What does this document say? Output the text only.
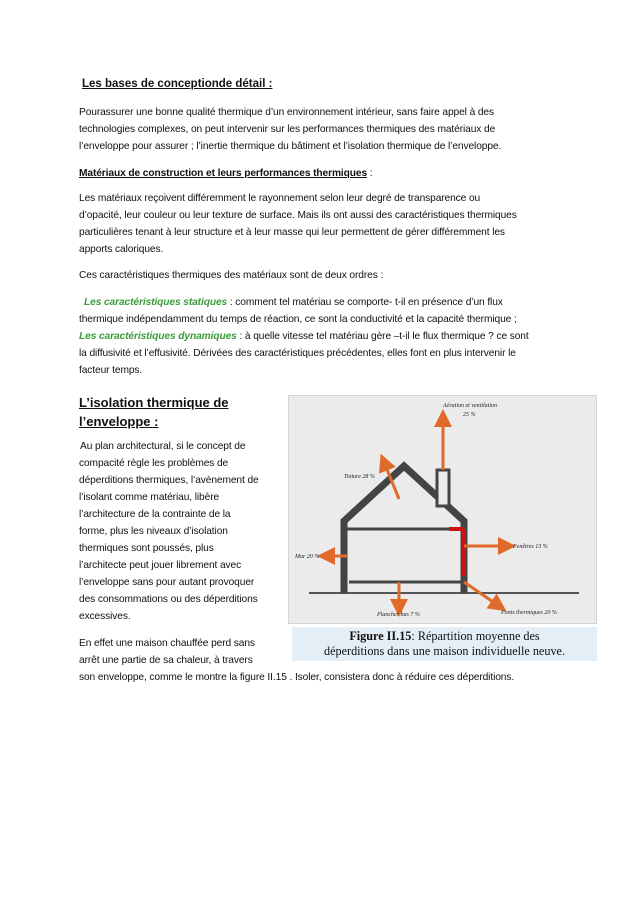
Les bases de conceptionde détail :
Pourassurer une bonne qualité thermique d’un environnement intérieur, sans faire appel à des
technologies complexes, on peut intervenir sur les performances thermiques des matériaux de
l’enveloppe pour assurer ; l’inertie thermique du bâtiment et l’isolation thermique de l’enveloppe.
Matériaux de construction et leurs performances thermiques :
Les matériaux reçoivent différemment le rayonnement selon leur degré de transparence ou
d’opacité, leur couleur ou leur texture de surface. Mais ils ont aussi des caractéristiques thermiques
particulières tenant à leur structure et à leur masse qui leur permettent de gérer différemment les
apports caloriques.
Ces caractéristiques thermiques des matériaux sont de deux ordres :
Les caractéristiques statiques : comment tel matériau se comporte- t-il en présence d’un flux
thermique indépendamment du temps de réaction, ce sont la conductivité et la capacité thermique ;
Les caractéristiques dynamiques : à quelle vitesse tel matériau gère –t-il le flux thermique ? ce sont
la diffusivité et l’effusivité. Dérivées des caractéristiques précédentes, elles font en plus intervenir le
facteur temps.
L’isolation thermique de
l’enveloppe :
Au plan architectural, si le concept de
compacité règle les problèmes de
déperditions thermiques, l’avènement de
l’isolant comme matériau, libère
l’architecture de la contrainte de la
forme, plus les niveaux d’isolation
thermiques sont poussés, plus
l’architecte peut jouer librement avec
l’enveloppe sans pour autant provoquer
des consommations ou des déperditions
excessives.
En effet une maison chauffée perd sans
arrêt une partie de sa chaleur, à travers
son enveloppe, comme le montre la figure II.15 . Isoler, consistera donc à réduire ces déperditions.
Aération et ventilation
25 %
Toiture 28 %
Fenêtres 13 %
Mur 20 %
Plancher bas 7 %	Ponts thermiques 20 %
Figure II.15: Répartition moyenne des
déperditions dans une maison individuelle neuve.
